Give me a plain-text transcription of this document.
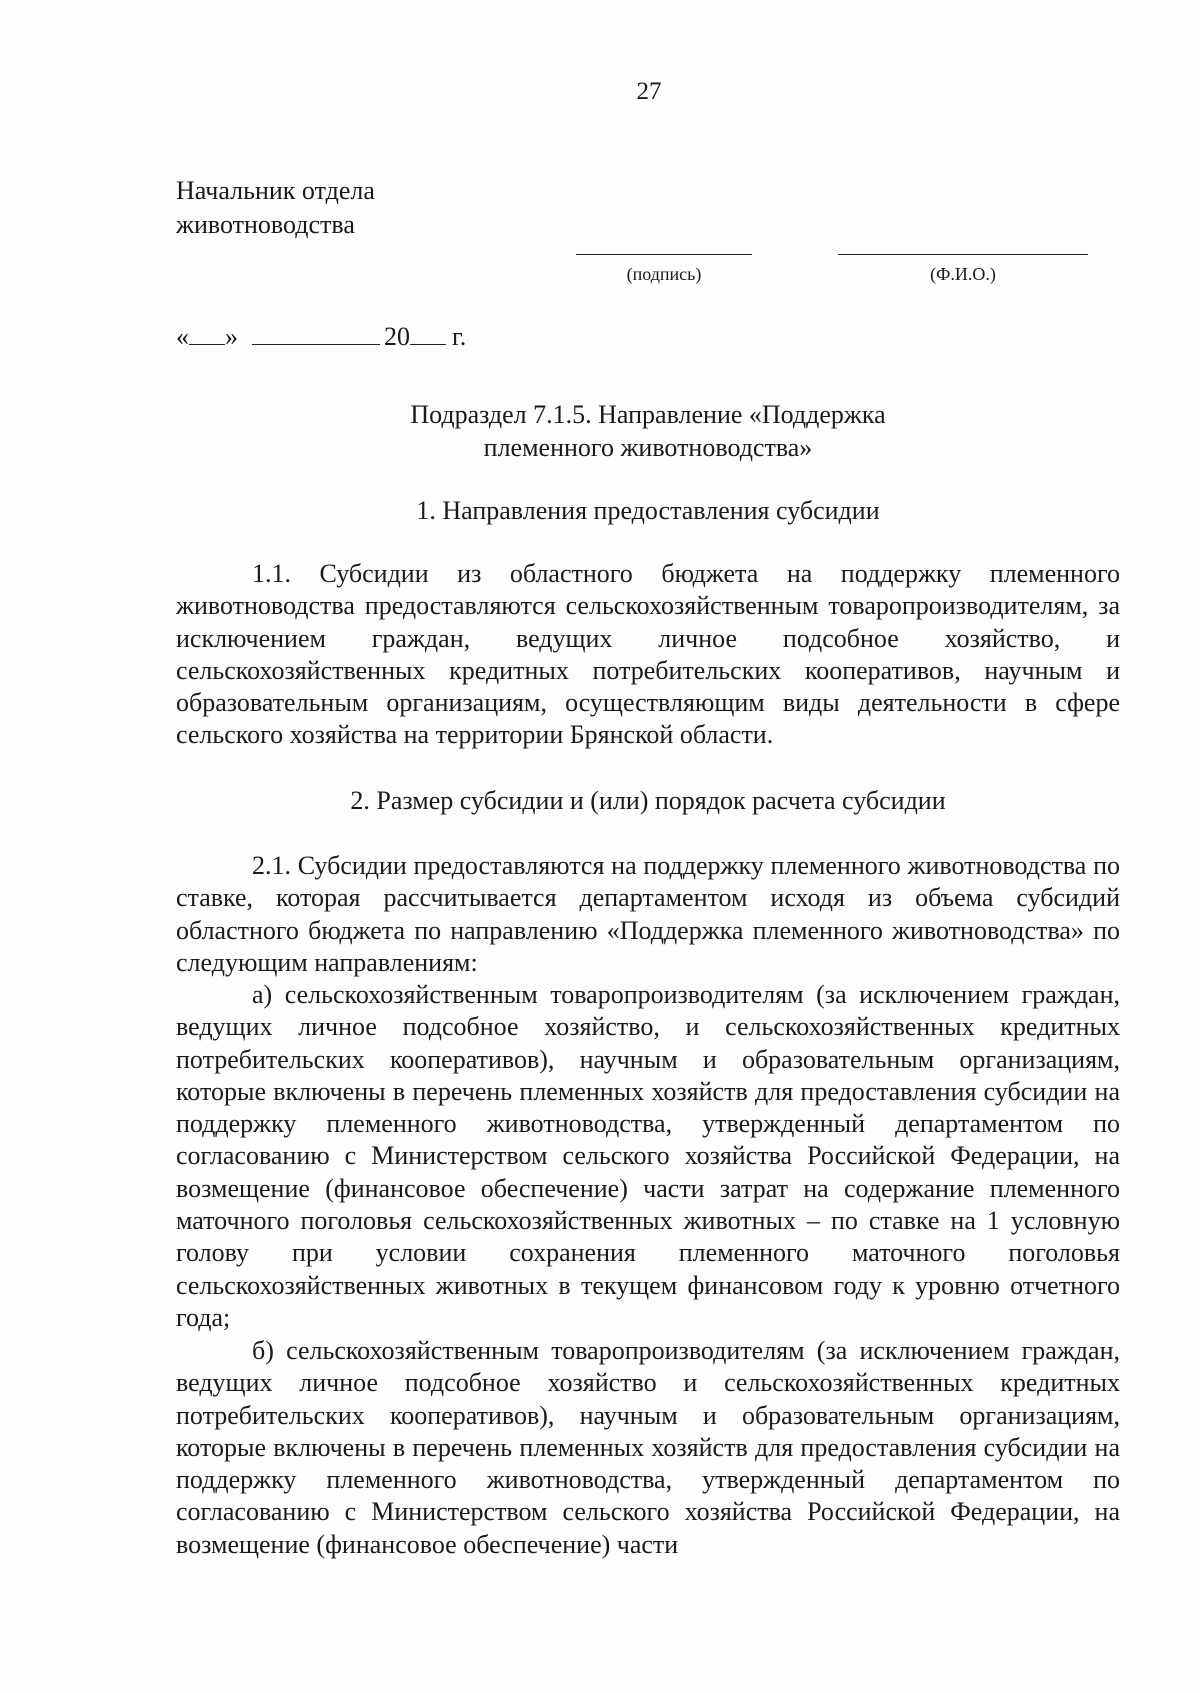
27
Начальник отдела
животноводства
(подпись)	(Ф.И.О.)
« »	20 г.
Подраздел 7.1.5. Направление «Поддержка
племенного животноводства»
1. Направления предоставления субсидии

1.1. Субсидии из областного бюджета на поддержку племенного животноводства предоставляются сельскохозяйственным товаропроизводителям, за исключением граждан, ведущих личное подсобное хозяйство, и сельскохозяйственных кредитных потребительских кооперативов, научным и образовательным организациям, осуществляющим виды деятельности в сфере сельского хозяйства на территории Брянской области.

2. Размер субсидии и (или) порядок расчета субсидии

2.1. Субсидии предоставляются на поддержку племенного животноводства по ставке, которая рассчитывается департаментом исходя из объема субсидий областного бюджета по направлению «Поддержка племенного животноводства» по следующим направлениям:

а) сельскохозяйственным товаропроизводителям (за исключением граждан, ведущих личное подсобное хозяйство, и сельскохозяйственных кредитных потребительских кооперативов), научным и образовательным организациям, которые включены в перечень племенных хозяйств для предоставления субсидии на поддержку племенного животноводства, утвержденный департаментом по согласованию с Министерством сельского хозяйства Российской Федерации, на возмещение (финансовое обеспечение) части затрат на содержание племенного маточного поголовья сельскохозяйственных животных – по ставке на 1 условную голову при условии сохранения племенного маточного поголовья сельскохозяйственных животных в текущем финансовом году к уровню отчетного года;

б) сельскохозяйственным товаропроизводителям (за исключением граждан, ведущих личное подсобное хозяйство и сельскохозяйственных кредитных потребительских кооперативов), научным и образовательным организациям, которые включены в перечень племенных хозяйств для предоставления субсидии на поддержку племенного животноводства, утвержденный департаментом по согласованию с Министерством сельского хозяйства Российской Федерации, на возмещение (финансовое обеспечение) части
